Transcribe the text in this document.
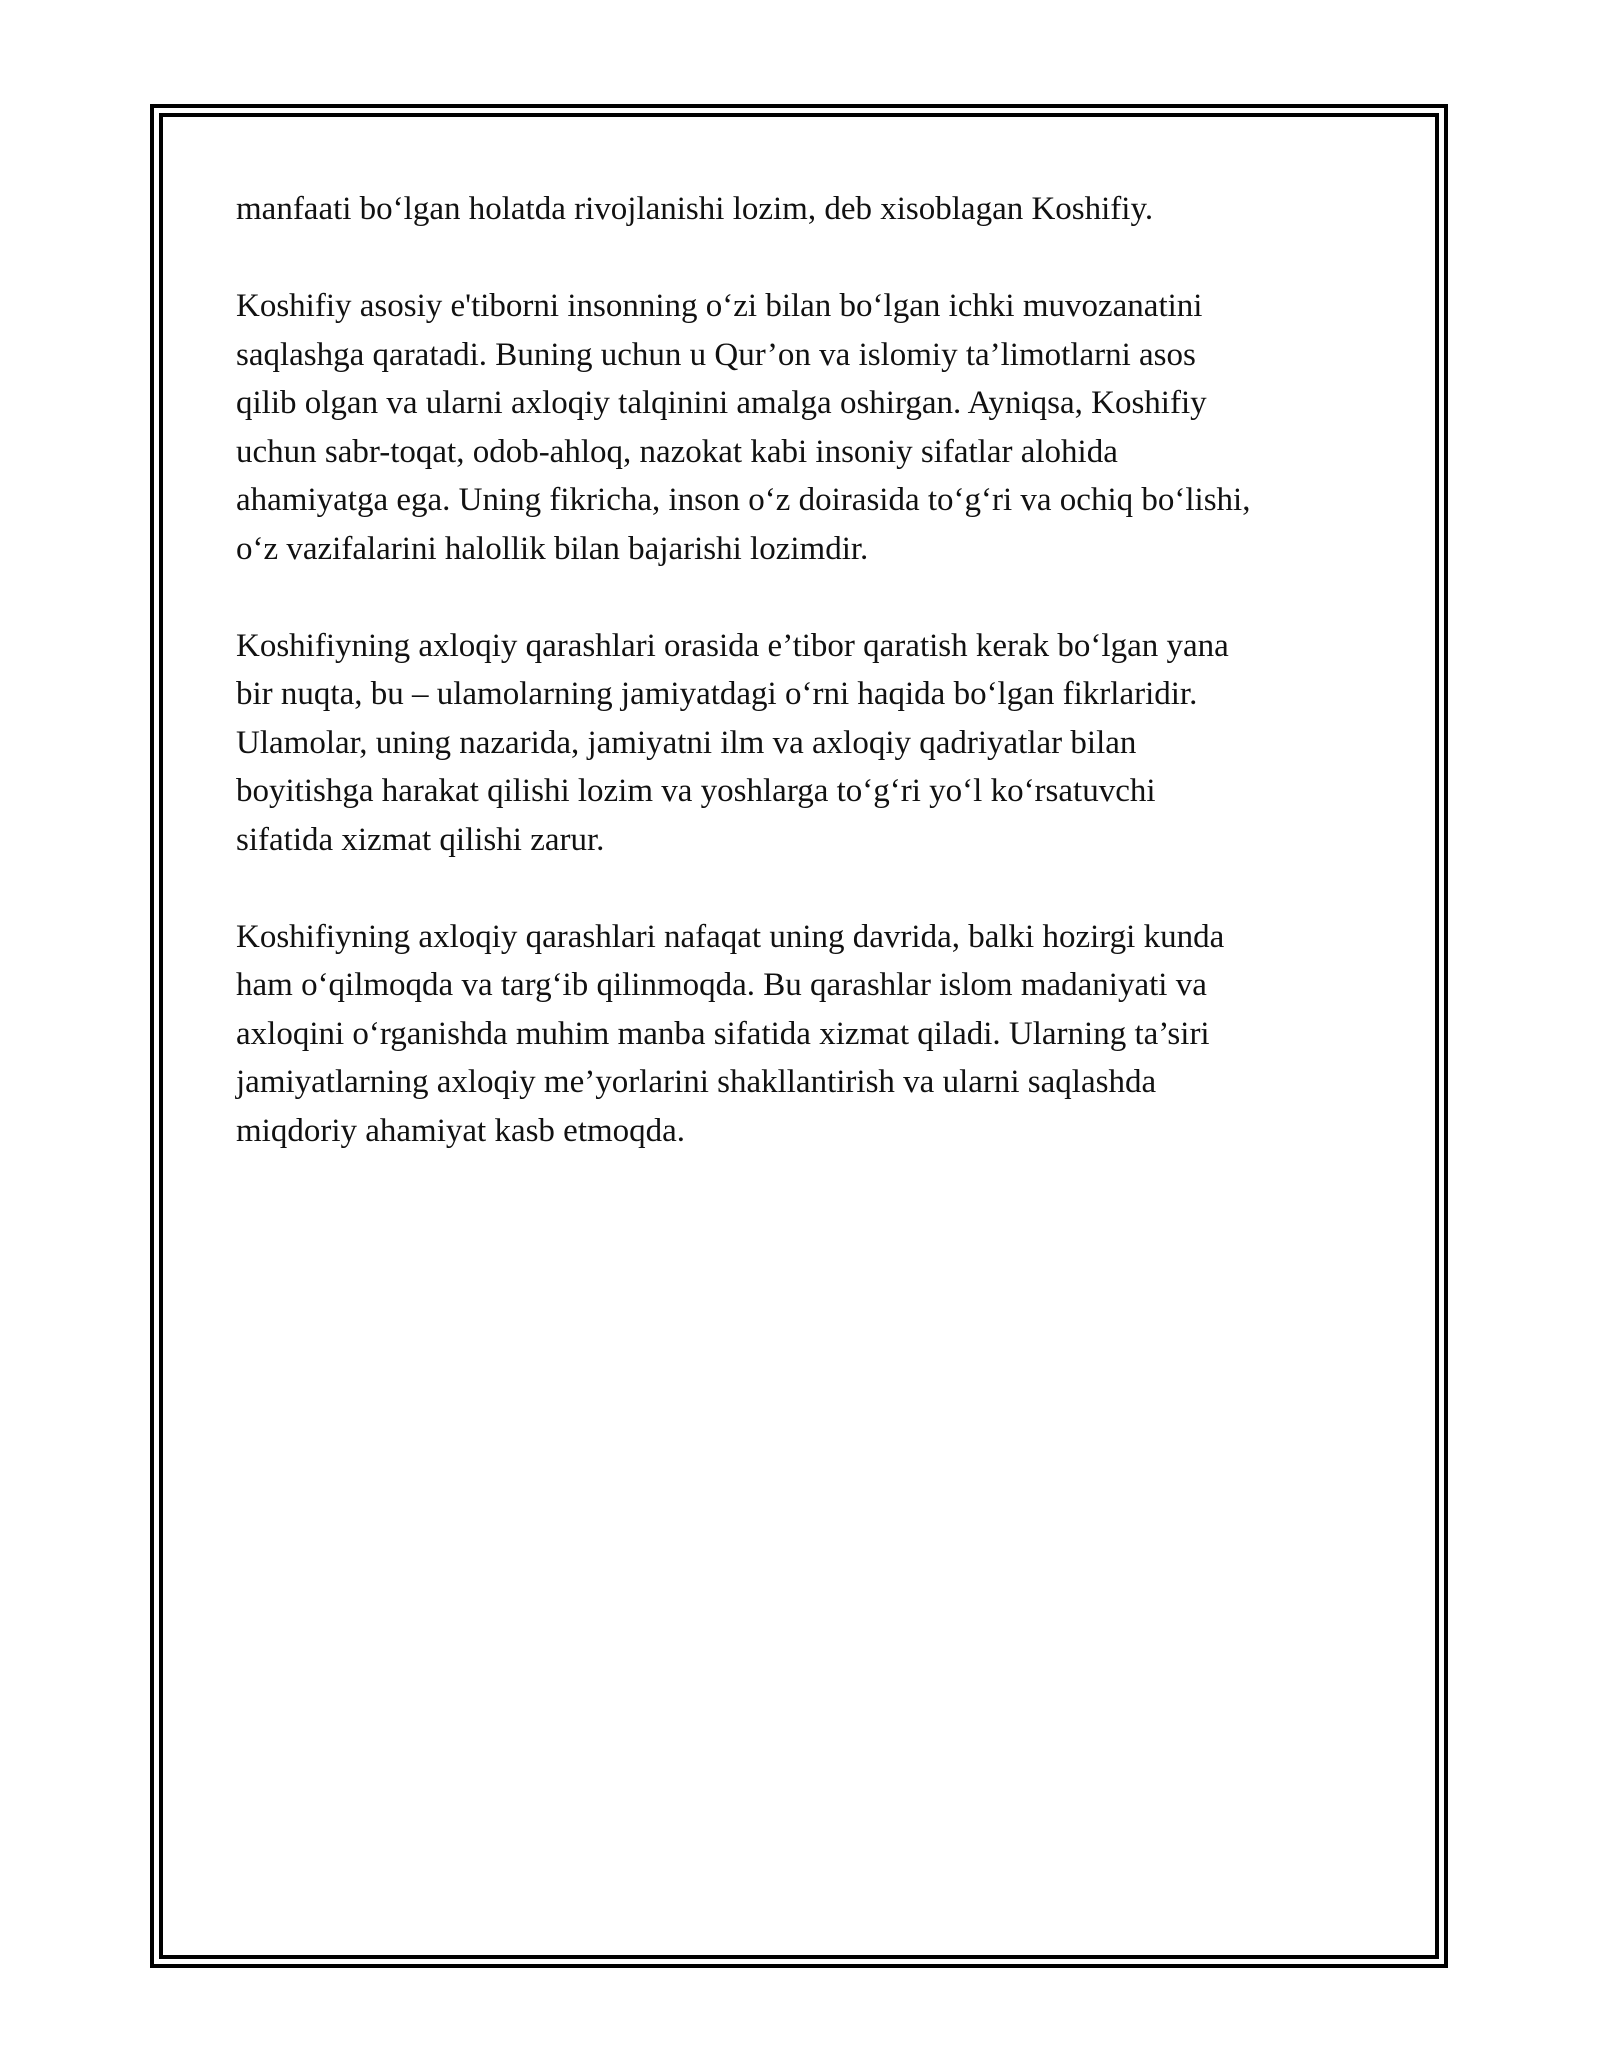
manfaati bo‘lgan holatda rivojlanishi lozim, deb xisoblagan Koshifiy.

Koshifiy asosiy e'tiborni insonning o‘zi bilan bo‘lgan ichki muvozanatini
saqlashga qaratadi. Buning uchun u Qur’on va islomiy ta’limotlarni asos
qilib olgan va ularni axloqiy talqinini amalga oshirgan. Ayniqsa, Koshifiy
uchun sabr-toqat, odob-ahloq, nazokat kabi insoniy sifatlar alohida
ahamiyatga ega. Uning fikricha, inson o‘z doirasida to‘g‘ri va ochiq bo‘lishi,
o‘z vazifalarini halollik bilan bajarishi lozimdir.

Koshifiyning axloqiy qarashlari orasida e’tibor qaratish kerak bo‘lgan yana
bir nuqta, bu – ulamolarning jamiyatdagi o‘rni haqida bo‘lgan fikrlaridir.
Ulamolar, uning nazarida, jamiyatni ilm va axloqiy qadriyatlar bilan
boyitishga harakat qilishi lozim va yoshlarga to‘g‘ri yo‘l ko‘rsatuvchi
sifatida xizmat qilishi zarur.

Koshifiyning axloqiy qarashlari nafaqat uning davrida, balki hozirgi kunda
ham o‘qilmoqda va targ‘ib qilinmoqda. Bu qarashlar islom madaniyati va
axloqini o‘rganishda muhim manba sifatida xizmat qiladi. Ularning ta’siri
jamiyatlarning axloqiy me’yorlarini shakllantirish va ularni saqlashda
miqdoriy ahamiyat kasb etmoqda.
